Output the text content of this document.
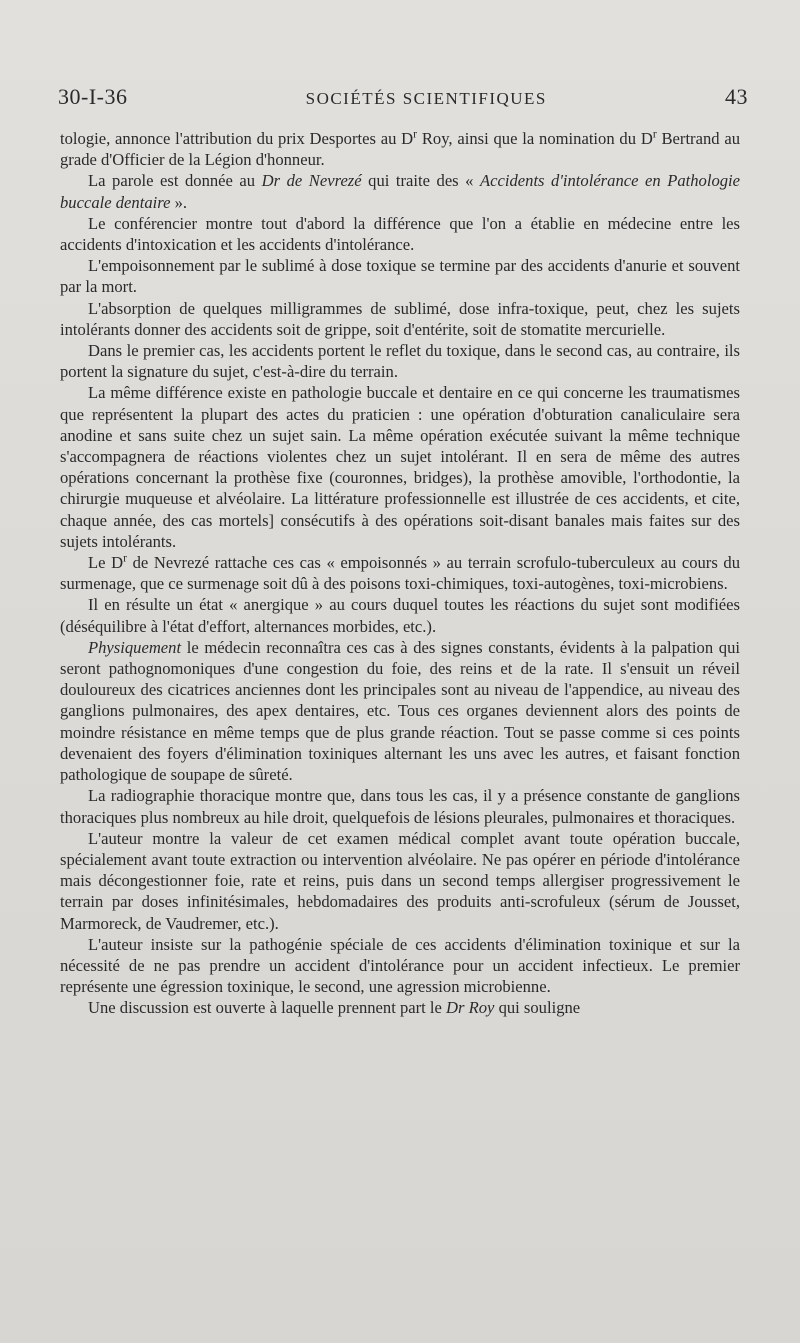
30-I-36	SOCIÉTÉS SCIENTIFIQUES	43

tologie, annonce l'attribution du prix Desportes au $D^r$ Roy, ainsi que la nomination du $D^r$ Bertrand au grade d'Officier de la Légion d'honneur.

La parole est donnée au Dr de Nevrezé qui traite des « Accidents d'intolérance en Pathologie buccale dentaire ».

Le conférencier montre tout d'abord la différence que l'on a établie en médecine entre les accidents d'intoxication et les accidents d'intolérance.

L'empoisonnement par le sublimé à dose toxique se termine par des accidents d'anurie et souvent par la mort.

L'absorption de quelques milligrammes de sublimé, dose infra-toxique, peut, chez les sujets intolérants donner des accidents soit de grippe, soit d'entérite, soit de stomatite mercurielle.

Dans le premier cas, les accidents portent le reflet du toxique, dans le second cas, au contraire, ils portent la signature du sujet, c'est-à-dire du terrain.

La même différence existe en pathologie buccale et dentaire en ce qui concerne les traumatismes que représentent la plupart des actes du praticien : une opération d'obturation canaliculaire sera anodine et sans suite chez un sujet sain. La même opération exécutée suivant la même technique s'accompagnera de réactions violentes chez un sujet intolérant. Il en sera de même des autres opérations concernant la prothèse fixe (couronnes, bridges), la prothèse amovible, l'orthodontie, la chirurgie muqueuse et alvéolaire. La littérature professionnelle est illustrée de ces accidents, et cite, chaque année, des cas mortels] consécutifs à des opérations soit-disant banales mais faites sur des sujets intolérants.

Le $D^r$ de Nevrezé rattache ces cas « empoisonnés » au terrain scrofulo-tuberculeux au cours du surmenage, que ce surmenage soit dû à des poisons toxi-chimiques, toxi-autogènes, toxi-microbiens.

Il en résulte un état « anergique » au cours duquel toutes les réactions du sujet sont modifiées (déséquilibre à l'état d'effort, alternances morbides, etc.).

Physiquement le médecin reconnaîtra ces cas à des signes constants, évidents à la palpation qui seront pathognomoniques d'une congestion du foie, des reins et de la rate. Il s'ensuit un réveil douloureux des cicatrices anciennes dont les principales sont au niveau de l'appendice, au niveau des ganglions pulmonaires, des apex dentaires, etc. Tous ces organes deviennent alors des points de moindre résistance en même temps que de plus grande réaction. Tout se passe comme si ces points devenaient des foyers d'élimination toxiniques alternant les uns avec les autres, et faisant fonction pathologique de soupape de sûreté.

La radiographie thoracique montre que, dans tous les cas, il y a présence constante de ganglions thoraciques plus nombreux au hile droit, quelquefois de lésions pleurales, pulmonaires et thoraciques.

L'auteur montre la valeur de cet examen médical complet avant toute opération buccale, spécialement avant toute extraction ou intervention alvéolaire. Ne pas opérer en période d'intolérance mais décongestionner foie, rate et reins, puis dans un second temps allergiser progressivement le terrain par doses infinitésimales, hebdomadaires des produits anti-scrofuleux (sérum de Jousset, Marmoreck, de Vaudremer, etc.).

L'auteur insiste sur la pathogénie spéciale de ces accidents d'élimination toxinique et sur la nécessité de ne pas prendre un accident d'intolérance pour un accident infectieux. Le premier représente une égression toxinique, le second, une agression microbienne.

Une discussion est ouverte à laquelle prennent part le Dr Roy qui souligne
